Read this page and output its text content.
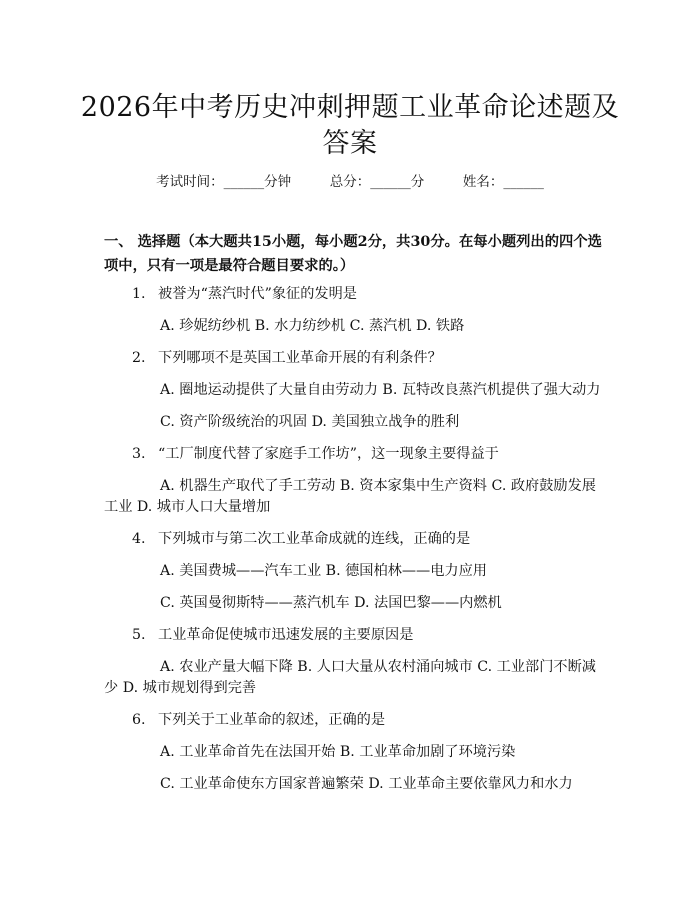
2026年中考历史冲刺押题工业革命论述题及
答案
考试时间：______分钟	总分：______分	姓名：______
一、 选择题（本大题共15小题，每小题2分，共30分。在每小题列出的四个选
项中，只有一项是最符合题目要求的。）
1. 被誉为“蒸汽时代”象征的发明是
A. 珍妮纺纱机 B. 水力纺纱机 C. 蒸汽机 D. 铁路
2. 下列哪项不是英国工业革命开展的有利条件？
A. 圈地运动提供了大量自由劳动力 B. 瓦特改良蒸汽机提供了强大动力
C. 资产阶级统治的巩固 D. 美国独立战争的胜利
3. “工厂制度代替了家庭手工作坊”，这一现象主要得益于
A. 机器生产取代了手工劳动 B. 资本家集中生产资料 C. 政府鼓励发展
工业 D. 城市人口大量增加
4. 下列城市与第二次工业革命成就的连线，正确的是
A. 美国费城——汽车工业 B. 德国柏林——电力应用
C. 英国曼彻斯特——蒸汽机车 D. 法国巴黎——内燃机
5. 工业革命促使城市迅速发展的主要原因是
A. 农业产量大幅下降 B. 人口大量从农村涌向城市 C. 工业部门不断减
少 D. 城市规划得到完善
6. 下列关于工业革命的叙述，正确的是
A. 工业革命首先在法国开始 B. 工业革命加剧了环境污染
C. 工业革命使东方国家普遍繁荣 D. 工业革命主要依靠风力和水力
